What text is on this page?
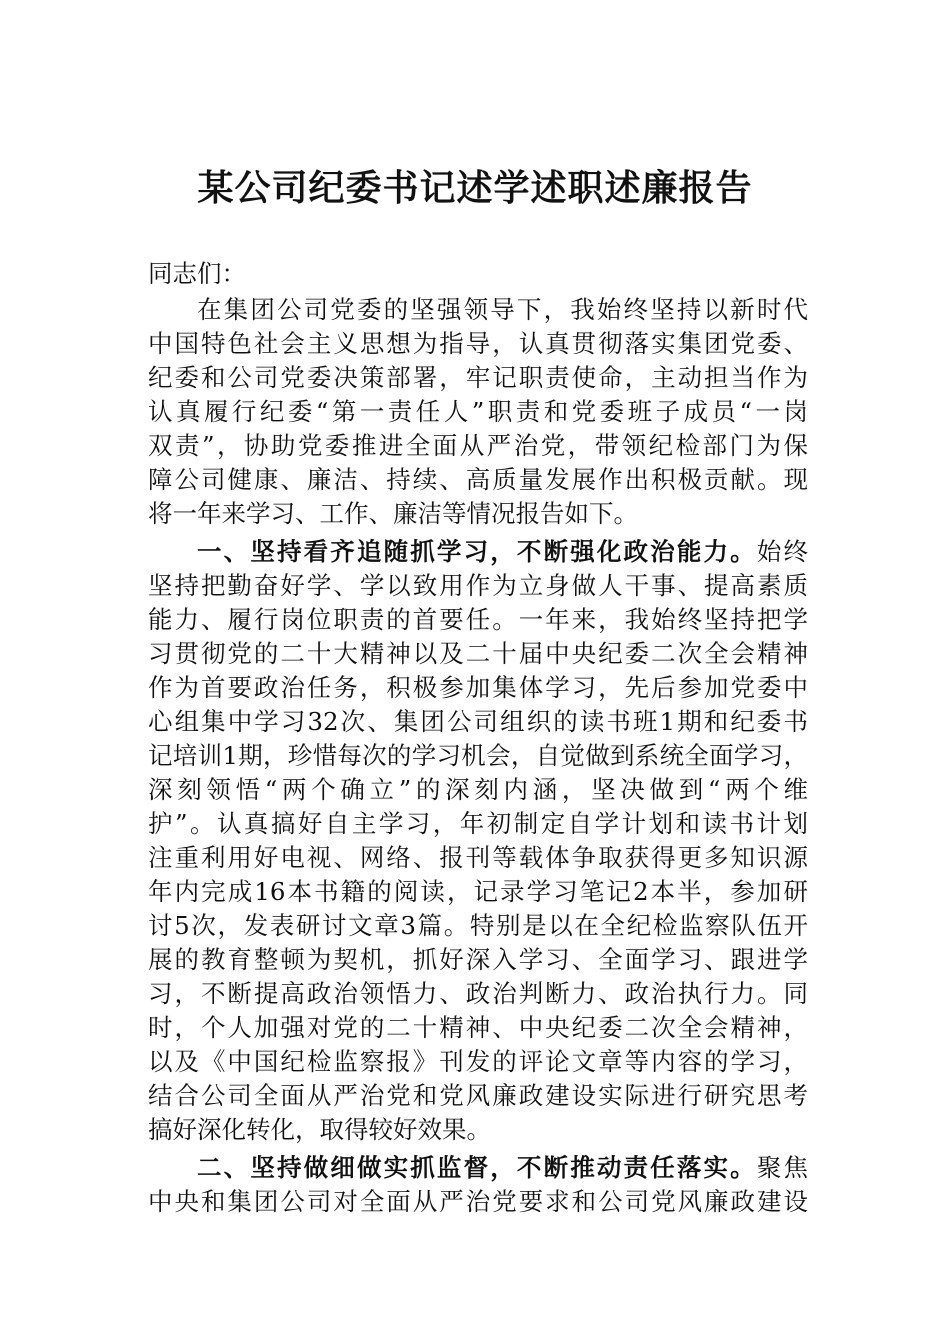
某公司纪委书记述学述职述廉报告
同志们：
在集团公司党委的坚强领导下，我始终坚持以新时代
中国特色社会主义思想为指导，认真贯彻落实集团党委、
纪委和公司党委决策部署，牢记职责使命，主动担当作为
认真履行纪委“第一责任人”职责和党委班子成员“一岗
双责”，协助党委推进全面从严治党，带领纪检部门为保
障公司健康、廉洁、持续、高质量发展作出积极贡献。现
将一年来学习、工作、廉洁等情况报告如下。
一、坚持看齐追随抓学习，不断强化政治能力。始终
坚持把勤奋好学、学以致用作为立身做人干事、提高素质
能力、履行岗位职责的首要任。一年来，我始终坚持把学
习贯彻党的二十大精神以及二十届中央纪委二次全会精神
作为首要政治任务，积极参加集体学习，先后参加党委中
心组集中学习32次、集团公司组织的读书班1期和纪委书
记培训1期，珍惜每次的学习机会，自觉做到系统全面学习，
深刻领悟“两个确立”的深刻内涵，坚决做到“两个维
护”。认真搞好自主学习，年初制定自学计划和读书计划
注重利用好电视、网络、报刊等载体争取获得更多知识源
年内完成16本书籍的阅读，记录学习笔记2本半，参加研
讨5次，发表研讨文章3篇。特别是以在全纪检监察队伍开
展的教育整顿为契机，抓好深入学习、全面学习、跟进学
习，不断提高政治领悟力、政治判断力、政治执行力。同
时，个人加强对党的二十精神、中央纪委二次全会精神，
以及《中国纪检监察报》刊发的评论文章等内容的学习，
结合公司全面从严治党和党风廉政建设实际进行研究思考
搞好深化转化，取得较好效果。
二、坚持做细做实抓监督，不断推动责任落实。聚焦
中央和集团公司对全面从严治党要求和公司党风廉政建设
